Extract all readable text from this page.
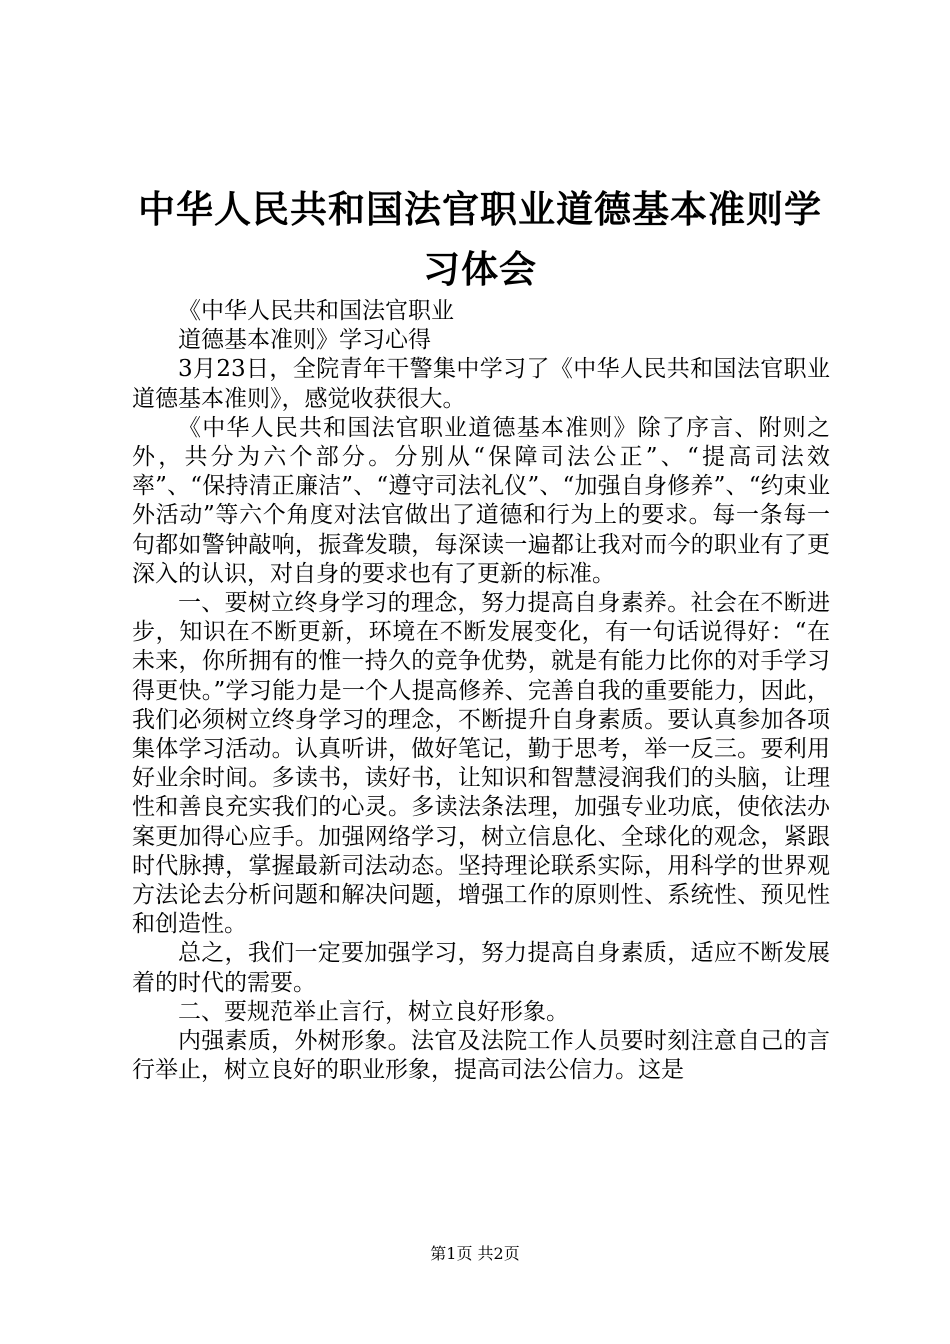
中华人民共和国法官职业道德基本准则学习体会

《中华人民共和国法官职业

道德基本准则》学习心得

3月23日，全院青年干警集中学习了《中华人民共和国法官职业道德基本准则》，感觉收获很大。

《中华人民共和国法官职业道德基本准则》除了序言、附则之外，共分为六个部分。分别从“保障司法公正”、“提高司法效率”、“保持清正廉洁”、“遵守司法礼仪”、“加强自身修养”、“约束业外活动”等六个角度对法官做出了道德和行为上的要求。每一条每一句都如警钟敲响，振聋发聩，每深读一遍都让我对而今的职业有了更深入的认识，对自身的要求也有了更新的标准。

一、要树立终身学习的理念，努力提高自身素养。社会在不断进步，知识在不断更新，环境在不断发展变化，有一句话说得好：“在未来，你所拥有的惟一持久的竞争优势，就是有能力比你的对手学习得更快。”学习能力是一个人提高修养、完善自我的重要能力，因此，我们必须树立终身学习的理念，不断提升自身素质。要认真参加各项集体学习活动。认真听讲，做好笔记，勤于思考，举一反三。要利用好业余时间。多读书，读好书，让知识和智慧浸润我们的头脑，让理性和善良充实我们的心灵。多读法条法理，加强专业功底，使依法办案更加得心应手。加强网络学习，树立信息化、全球化的观念，紧跟时代脉搏，掌握最新司法动态。坚持理论联系实际，用科学的世界观方法论去分析问题和解决问题，增强工作的原则性、系统性、预见性和创造性。

总之，我们一定要加强学习，努力提高自身素质，适应不断发展着的时代的需要。

二、要规范举止言行，树立良好形象。

内强素质，外树形象。法官及法院工作人员要时刻注意自己的言行举止，树立良好的职业形象，提高司法公信力。这是

第1页 共2页
